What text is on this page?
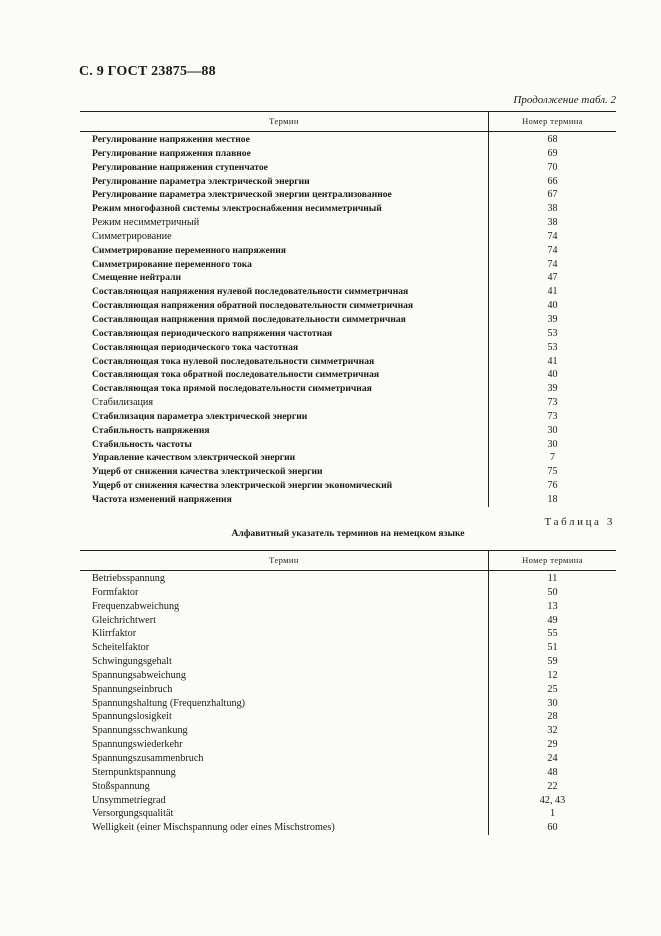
С. 9 ГОСТ 23875—88
Продолжение табл. 2
Термин	Номер термина
Регулирование напряжения местное
Регулирование напряжения плавное
Регулирование напряжения ступенчатое
Регулирование параметра электрической энергии
Регулирование параметра электрической энергии централизованное
Режим многофазной системы электроснабжения несимметричный
Режим несимметричный
Симметрирование
Симметрирование переменного напряжения
Симметрирование переменного тока
Смещение нейтрали
Составляющая напряжения нулевой последовательности симметричная
Составляющая напряжения обратной последовательности симметричная
Составляющая напряжения прямой последовательности симметричная
Составляющая периодического напряжения частотная
Составляющая периодического тока частотная
Составляющая тока нулевой последовательности симметричная
Составляющая тока обратной последовательности симметричная
Составляющая тока прямой последовательности симметричная
Стабилизация
Стабилизация параметра электрической энергии
Стабильность напряжения
Стабильность частоты
Управление качеством электрической энергии
Ущерб от снижения качества электрической энергии
Ущерб от снижения качества электрической энергии экономический
Частота изменений напряжения
68
69
70
66
67
38
38
74
74
74
47
41
40
39
53
53
41
40
39
73
73
30
30
7
75
76
18
Таблица 3
Алфавитный указатель терминов на немецком языке
Термин	Номер термина
Betriebsspannung
Formfaktor
Frequenzabweichung
Gleichrichtwert
Klirrfaktor
Scheitelfaktor
Schwingungsgehalt
Spannungsabweichung
Spannungseinbruch
Spannungshaltung (Frequenzhaltung)
Spannungslosigkeit
Spannungsschwankung
Spannungswiederkehr
Spannungszusammenbruch
Sternpunktspannung
Stoßspannung
Unsymmetriegrad
Versorgungsqualität
Welligkeit (einer Mischspannung oder eines Mischstromes)
11
50
13
49
55
51
59
12
25
30
28
32
29
24
48
22
42, 43
1
60
